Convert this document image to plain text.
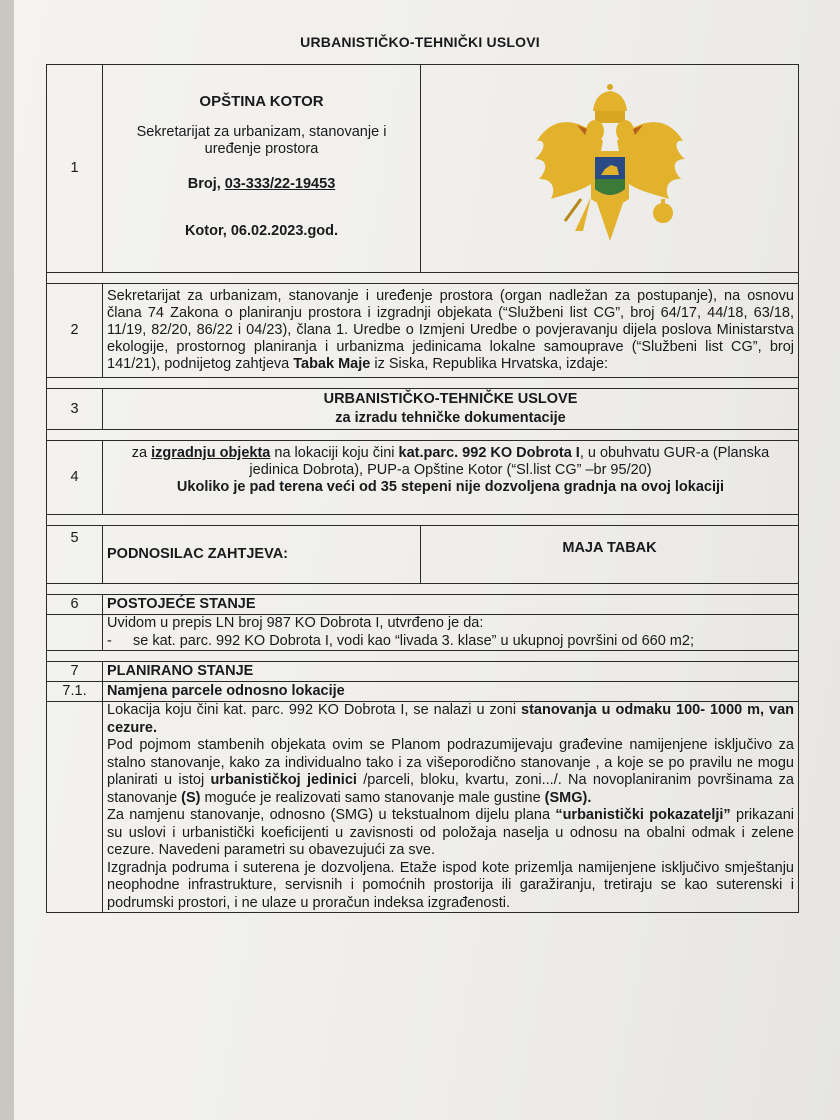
URBANISTIČKO-TEHNIČKI USLOVI
1	OPŠTINA KOTOR
Sekretarijat za urbanizam, stanovanje i uređenje prostora
Broj, 03-333/22-19453
Kotor, 06.02.2023.god.

2	Sekretarijat za urbanizam, stanovanje i uređenje prostora (organ nadležan za postupanje), na osnovu člana 74 Zakona o planiranju prostora i izgradnji objekata (“Službeni list CG”, broj 64/17, 44/18, 63/18, 11/19, 82/20, 86/22 i 04/23), člana 1. Uredbe o Izmjeni Uredbe o povjeravanju dijela poslova Ministarstva ekologije, prostornog planiranja i urbanizma jedinicama lokalne samouprave (“Službeni list CG”, broj 141/21), podnijetog zahtjeva Tabak Maje iz Siska, Republika Hrvatska, izdaje:	

3	URBANISTIČKO-TEHNIČKE USLOVE
za izradu tehničke dokumentacije	

4	za izgradnju objekta na lokaciji koju čini kat.parc. 992 KO Dobrota I, u obuhvatu GUR-a (Planska jedinica Dobrota), PUP-a Opštine Kotor (“Sl.list CG” –br 95/20)
Ukoliko je pad terena veći od 35 stepeni nije dozvoljena gradnja na ovoj lokaciji	

5	PODNOSILAC ZAHTJEVA:	MAJA TABAK

6	POSTOJEĆE STANJE	

	Uvidom u prepis LN broj 987 KO Dobrota I, utvrđeno je da:
- se kat. parc. 992 KO Dobrota I, vodi kao “livada 3. klase” u ukupnoj površini od 660 m2;	

7	PLANIRANO STANJE	
7.1.	Namjena parcele odnosno lokacije	

	Lokacija koju čini kat. parc. 992 KO Dobrota I, se nalazi u zoni stanovanja u odmaku 100- 1000 m, van cezure.

Pod pojmom stambenih objekata ovim se Planom podrazumijevaju građevine namijenjene isključivo za stalno stanovanje, kako za individualno tako i za višeporodično stanovanje , a koje se po pravilu ne mogu planirati u istoj urbanističkoj jedinici /parceli, bloku, kvartu, zoni.../. Na novoplaniranim površinama za stanovanje (S) moguće je realizovati samo stanovanje male gustine (SMG).

Za namjenu stanovanje, odnosno (SMG) u tekstualnom dijelu plana “urbanistički pokazatelji” prikazani su uslovi i urbanistički koeficijenti u zavisnosti od položaja naselja u odnosu na obalni odmak i zelene cezure. Navedeni parametri su obavezujući za sve.

Izgradnja podruma i suterena je dozvoljena. Etaže ispod kote prizemlja namijenjene isključivo smještanju neophodne infrastrukture, servisnih i pomoćnih prostorija ili garažiranju, tretiraju se kao suterenski i podrumski prostori, i ne ulaze u proračun indeksa izgrađenosti.	
